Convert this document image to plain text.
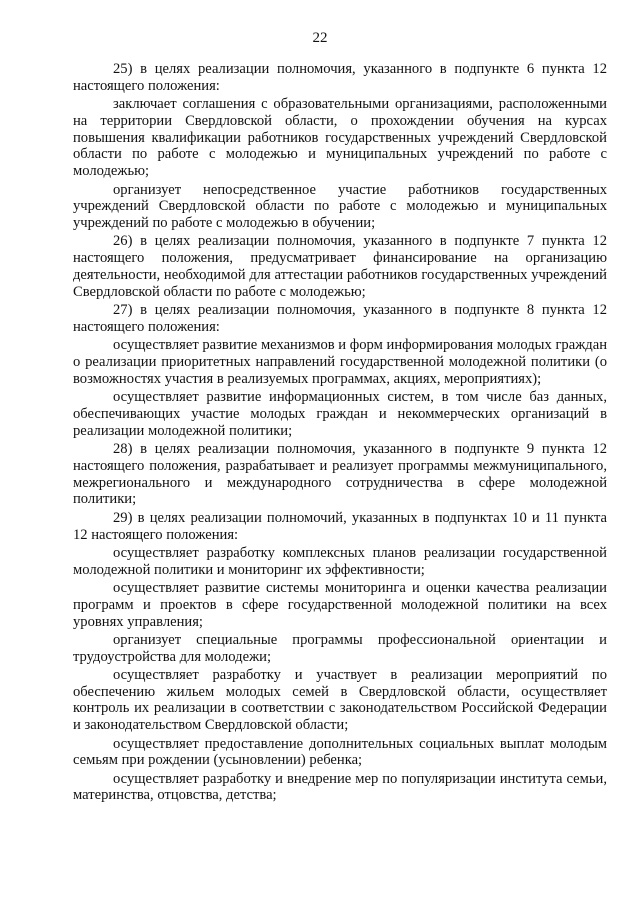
22

25) в целях реализации полномочия, указанного в подпункте 6 пункта 12 настоящего положения:

заключает соглашения с образовательными организациями, расположенными на территории Свердловской области, о прохождении обучения на курсах повышения квалификации работников государственных учреждений Свердловской области по работе с молодежью и муниципальных учреждений по работе с молодежью;

организует непосредственное участие работников государственных учреждений Свердловской области по работе с молодежью и муниципальных учреждений по работе с молодежью в обучении;

26) в целях реализации полномочия, указанного в подпункте 7 пункта 12 настоящего положения, предусматривает финансирование на организацию деятельности, необходимой для аттестации работников государственных учреждений Свердловской области по работе с молодежью;

27) в целях реализации полномочия, указанного в подпункте 8 пункта 12 настоящего положения:

осуществляет развитие механизмов и форм информирования молодых граждан о реализации приоритетных направлений государственной молодежной политики (о возможностях участия в реализуемых программах, акциях, мероприятиях);

осуществляет развитие информационных систем, в том числе баз данных, обеспечивающих участие молодых граждан и некоммерческих организаций в реализации молодежной политики;

28) в целях реализации полномочия, указанного в подпункте 9 пункта 12 настоящего положения, разрабатывает и реализует программы межмуниципального, межрегионального и международного сотрудничества в сфере молодежной политики;

29) в целях реализации полномочий, указанных в подпунктах 10 и 11 пункта 12 настоящего положения:

осуществляет разработку комплексных планов реализации государственной молодежной политики и мониторинг их эффективности;

осуществляет развитие системы мониторинга и оценки качества реализации программ и проектов в сфере государственной молодежной политики на всех уровнях управления;

организует специальные программы профессиональной ориентации и трудоустройства для молодежи;

осуществляет разработку и участвует в реализации мероприятий по обеспечению жильем молодых семей в Свердловской области, осуществляет контроль их реализации в соответствии с законодательством Российской Федерации и законодательством Свердловской области;

осуществляет предоставление дополнительных социальных выплат молодым семьям при рождении (усыновлении) ребенка;

осуществляет разработку и внедрение мер по популяризации института семьи, материнства, отцовства, детства;
